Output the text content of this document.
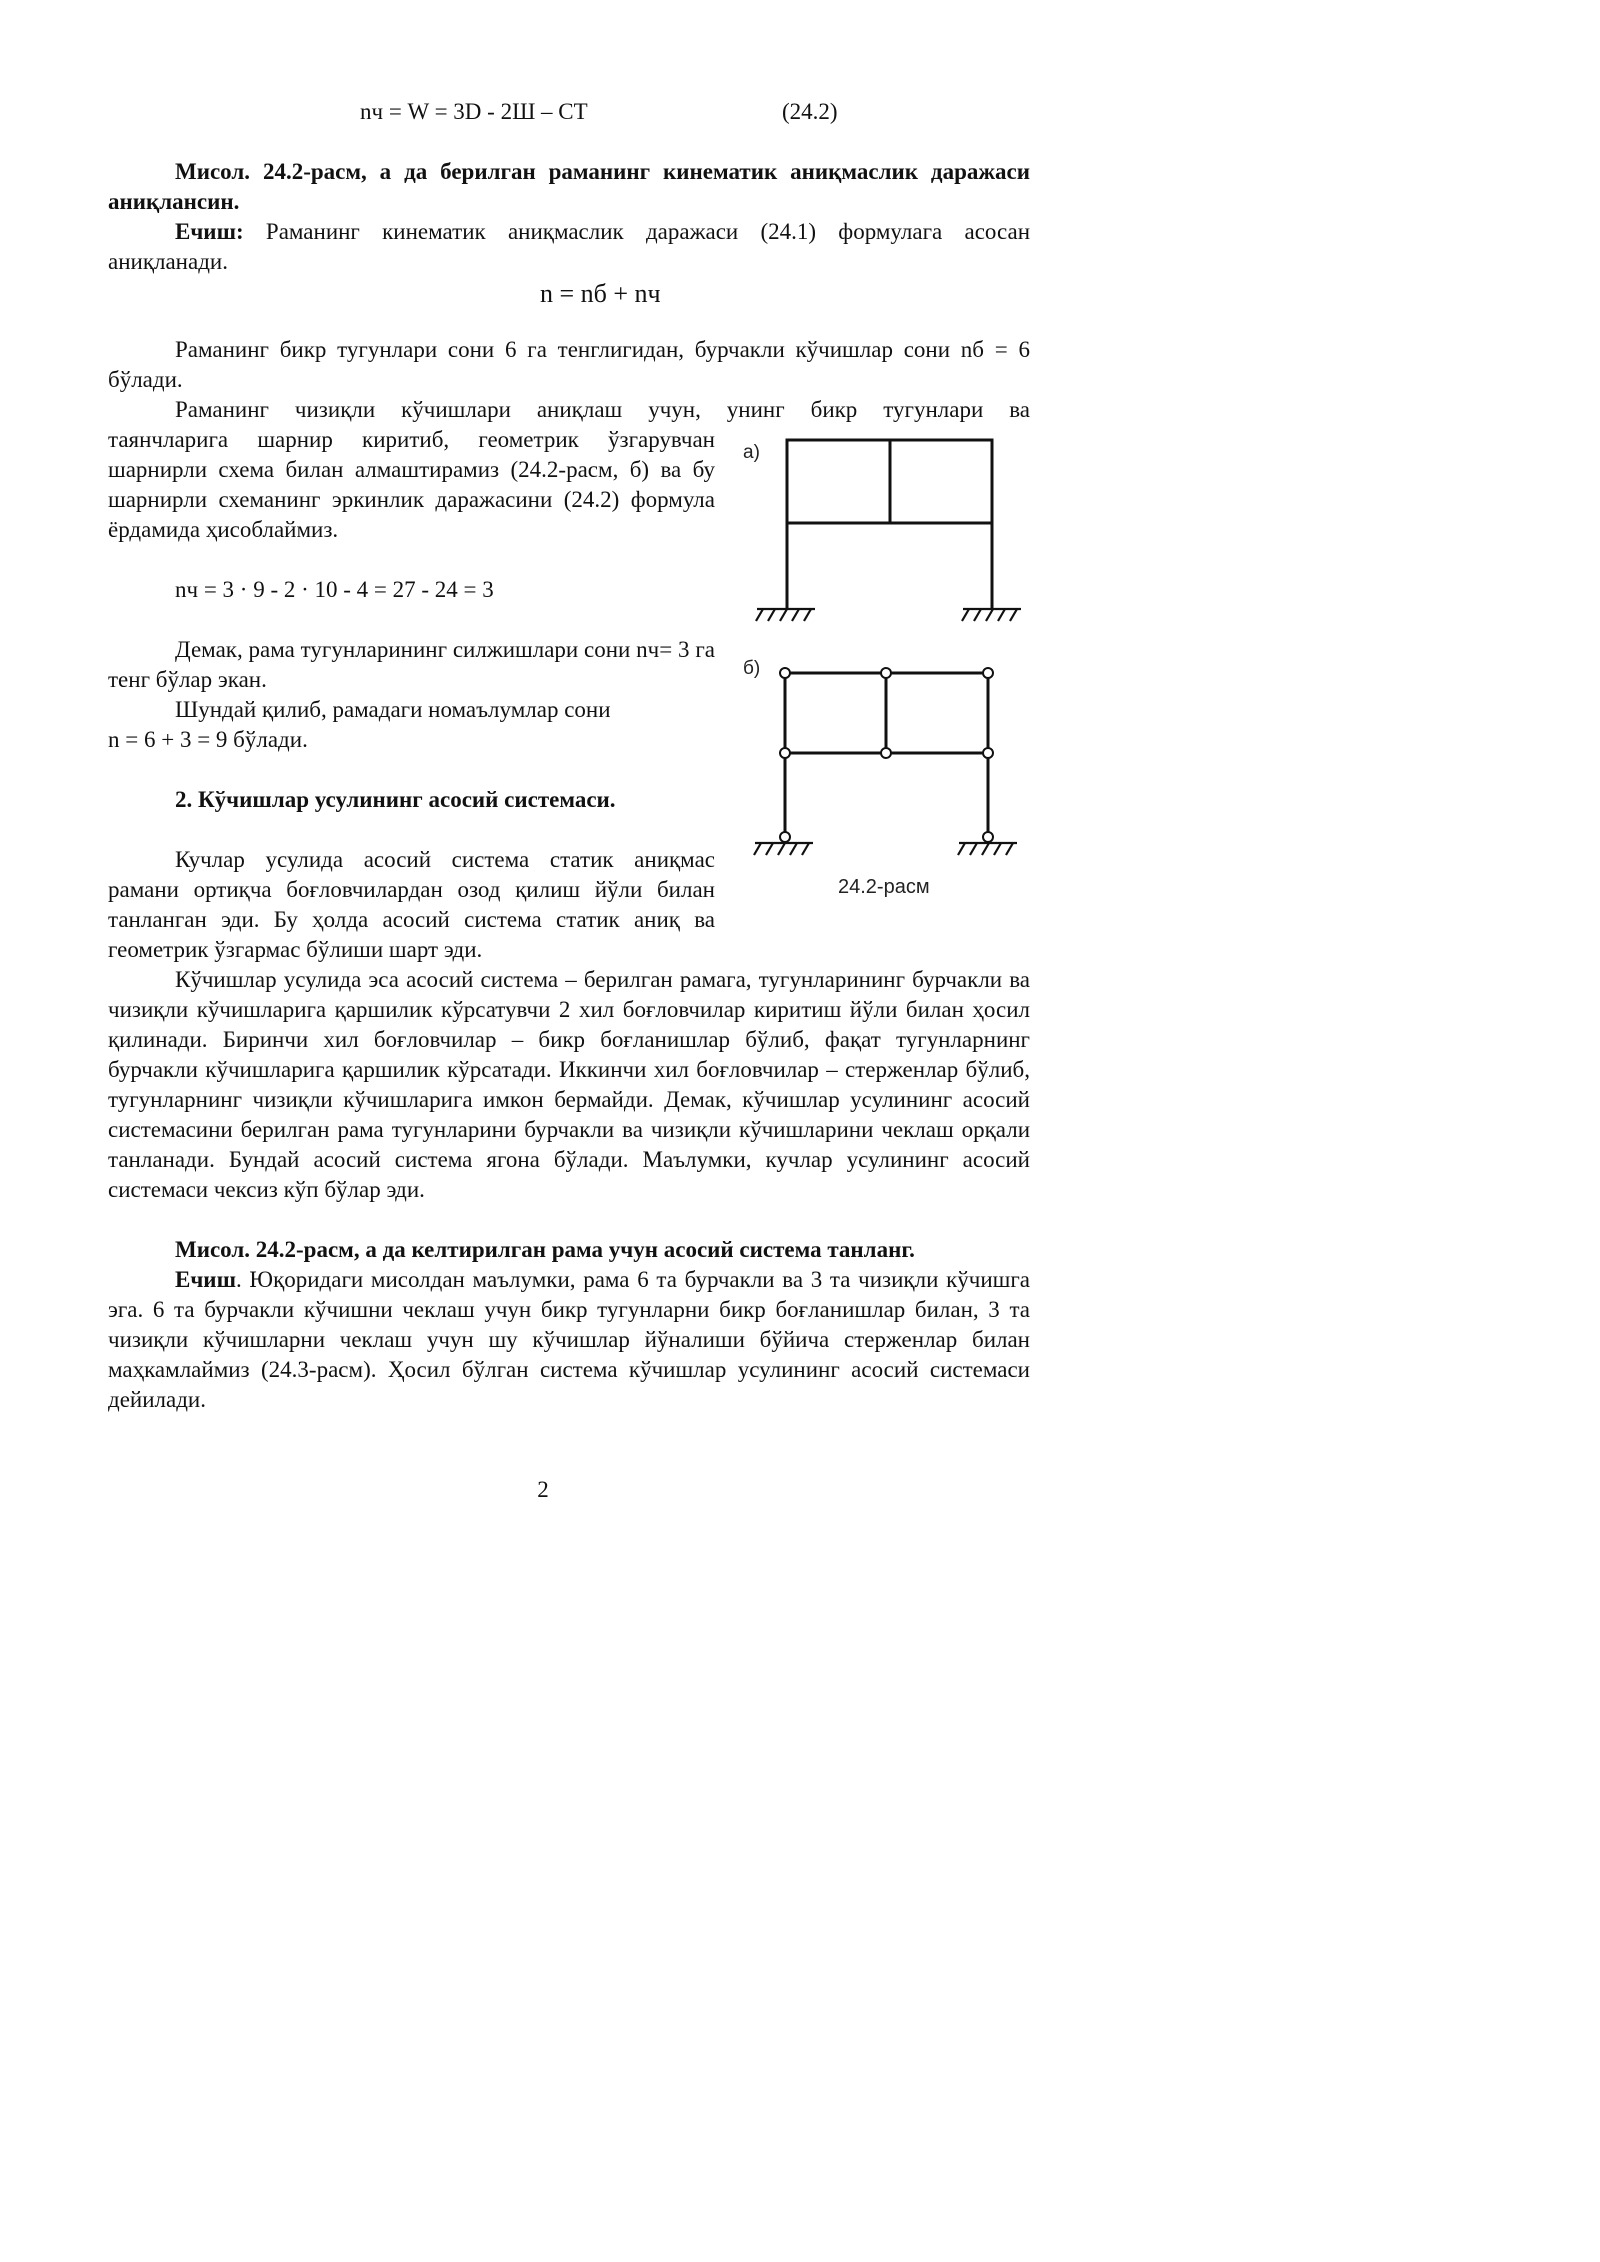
nч = W = 3D - 2Ш – СТ	(24.2)

Мисол. 24.2-расм, а да берилган раманинг кинематик аниқмаслик даражаси аниқлансин.

Ечиш: Раманинг кинематик аниқмаслик даражаси (24.1) формулага асосан аниқланади.

n = nб + nч

Раманинг бикр тугунлари сони 6 га тенглигидан, бурчакли кўчишлар сони nб = 6 бўлади.

Раманинг чизиқли кўчишлари аниқлаш учун, унинг бикр тугунлари ва

таянчларига шарнир киритиб, геометрик ўзгарувчан шарнирли схема билан алмаштирамиз (24.2-расм, б) ва бу шарнирли схеманинг эркинлик даражасини (24.2) формула ёрдамида ҳисоблаймиз.

nч = 3 · 9 - 2 · 10 - 4 = 27 - 24 = 3

Демак, рама тугунларининг силжишлари сони nч= 3 га тенг бўлар экан.

Шундай қилиб, рамадаги номаълумлар сони
n = 6 + 3 = 9 бўлади.
2. Кўчишлар усулининг асосий системаси.

Кучлар усулида асосий система статик аниқмас рамани ортиқча боғловчилардан озод қилиш йўли билан танланган эди. Бу ҳолда асосий система статик аниқ ва геометрик ўзгармас бўлиши шарт эди.

Кўчишлар усулида эса асосий система – берилган рамага, тугунларининг бурчакли ва чизиқли кўчишларига қаршилик кўрсатувчи 2 хил боғловчилар киритиш йўли билан ҳосил қилинади. Биринчи хил боғловчилар – бикр боғланишлар бўлиб, фақат тугунларнинг бурчакли кўчишларига қаршилик кўрсатади. Иккинчи хил боғловчилар – стерженлар бўлиб, тугунларнинг чизиқли кўчишларига имкон бермайди. Демак, кўчишлар усулининг асосий системасини берилган рама тугунларини бурчакли ва чизиқли кўчишларини чеклаш орқали танланади. Бундай асосий система ягона бўлади. Маълумки, кучлар усулининг асосий системаси чексиз кўп бўлар эди.

Мисол. 24.2-расм, а да келтирилган рама учун асосий система танланг.

Ечиш. Юқоридаги мисолдан маълумки, рама 6 та бурчакли ва 3 та чизиқли кўчишга эга. 6 та бурчакли кўчишни чеклаш учун бикр тугунларни бикр боғланишлар билан, 3 та чизиқли кўчишларни чеклаш учун шу кўчишлар йўналиши бўйича стерженлар билан маҳкамлаймиз (24.3-расм). Ҳосил бўлган система кўчишлар усулининг асосий системаси дейилади.

2
а)
б)
24.2-расм
